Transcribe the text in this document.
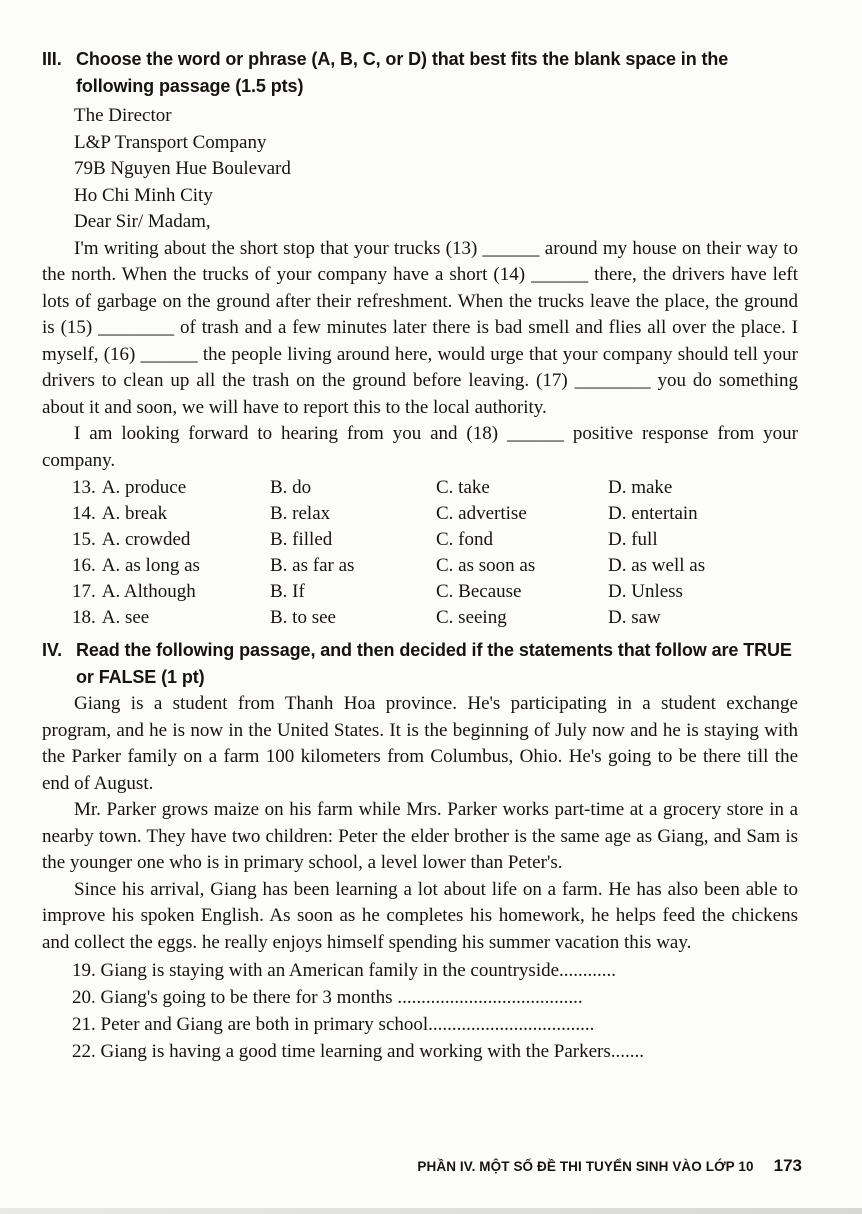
III. Choose the word or phrase (A, B, C, or D) that best fits the blank space in the following passage (1.5 pts)
The Director
L&P Transport Company
79B Nguyen Hue Boulevard
Ho Chi Minh City
Dear Sir/ Madam,

I'm writing about the short stop that your trucks (13) ______ around my house on their way to the north. When the trucks of your company have a short (14) ______ there, the drivers have left lots of garbage on the ground after their refreshment. When the trucks leave the place, the ground is (15) ________ of trash and a few minutes later there is bad smell and flies all over the place. I myself, (16) ______ the people living around here, would urge that your company should tell your drivers to clean up all the trash on the ground before leaving. (17) ________ you do something about it and soon, we will have to report this to the local authority.

I am looking forward to hearing from you and (18) ______ positive response from your company.

13. A. produce	B. do	C. take	D. make
14. A. break	B. relax	C. advertise	D. entertain
15. A. crowded	B. filled	C. fond	D. full
16. A. as long as	B. as far as	C. as soon as	D. as well as
17. A. Although	B. If	C. Because	D. Unless
18. A. see	B. to see	C. seeing	D. saw
IV. Read the following passage, and then decided if the statements that follow are TRUE or FALSE (1 pt)

Giang is a student from Thanh Hoa province. He's participating in a student exchange program, and he is now in the United States. It is the beginning of July now and he is staying with the Parker family on a farm 100 kilometers from Columbus, Ohio. He's going to be there till the end of August.

Mr. Parker grows maize on his farm while Mrs. Parker works part-time at a grocery store in a nearby town. They have two children: Peter the elder brother is the same age as Giang, and Sam is the younger one who is in primary school, a level lower than Peter's.

Since his arrival, Giang has been learning a lot about life on a farm. He has also been able to improve his spoken English. As soon as he completes his homework, he helps feed the chickens and collect the eggs. he really enjoys himself spending his summer vacation this way.

19. Giang is staying with an American family in the countryside............
20. Giang's going to be there for 3 months .......................................
21. Peter and Giang are both in primary school...................................
22. Giang is having a good time learning and working with the Parkers.......
PHẦN IV. MỘT SỐ ĐỀ THI TUYỂN SINH VÀO LỚP 10 173
